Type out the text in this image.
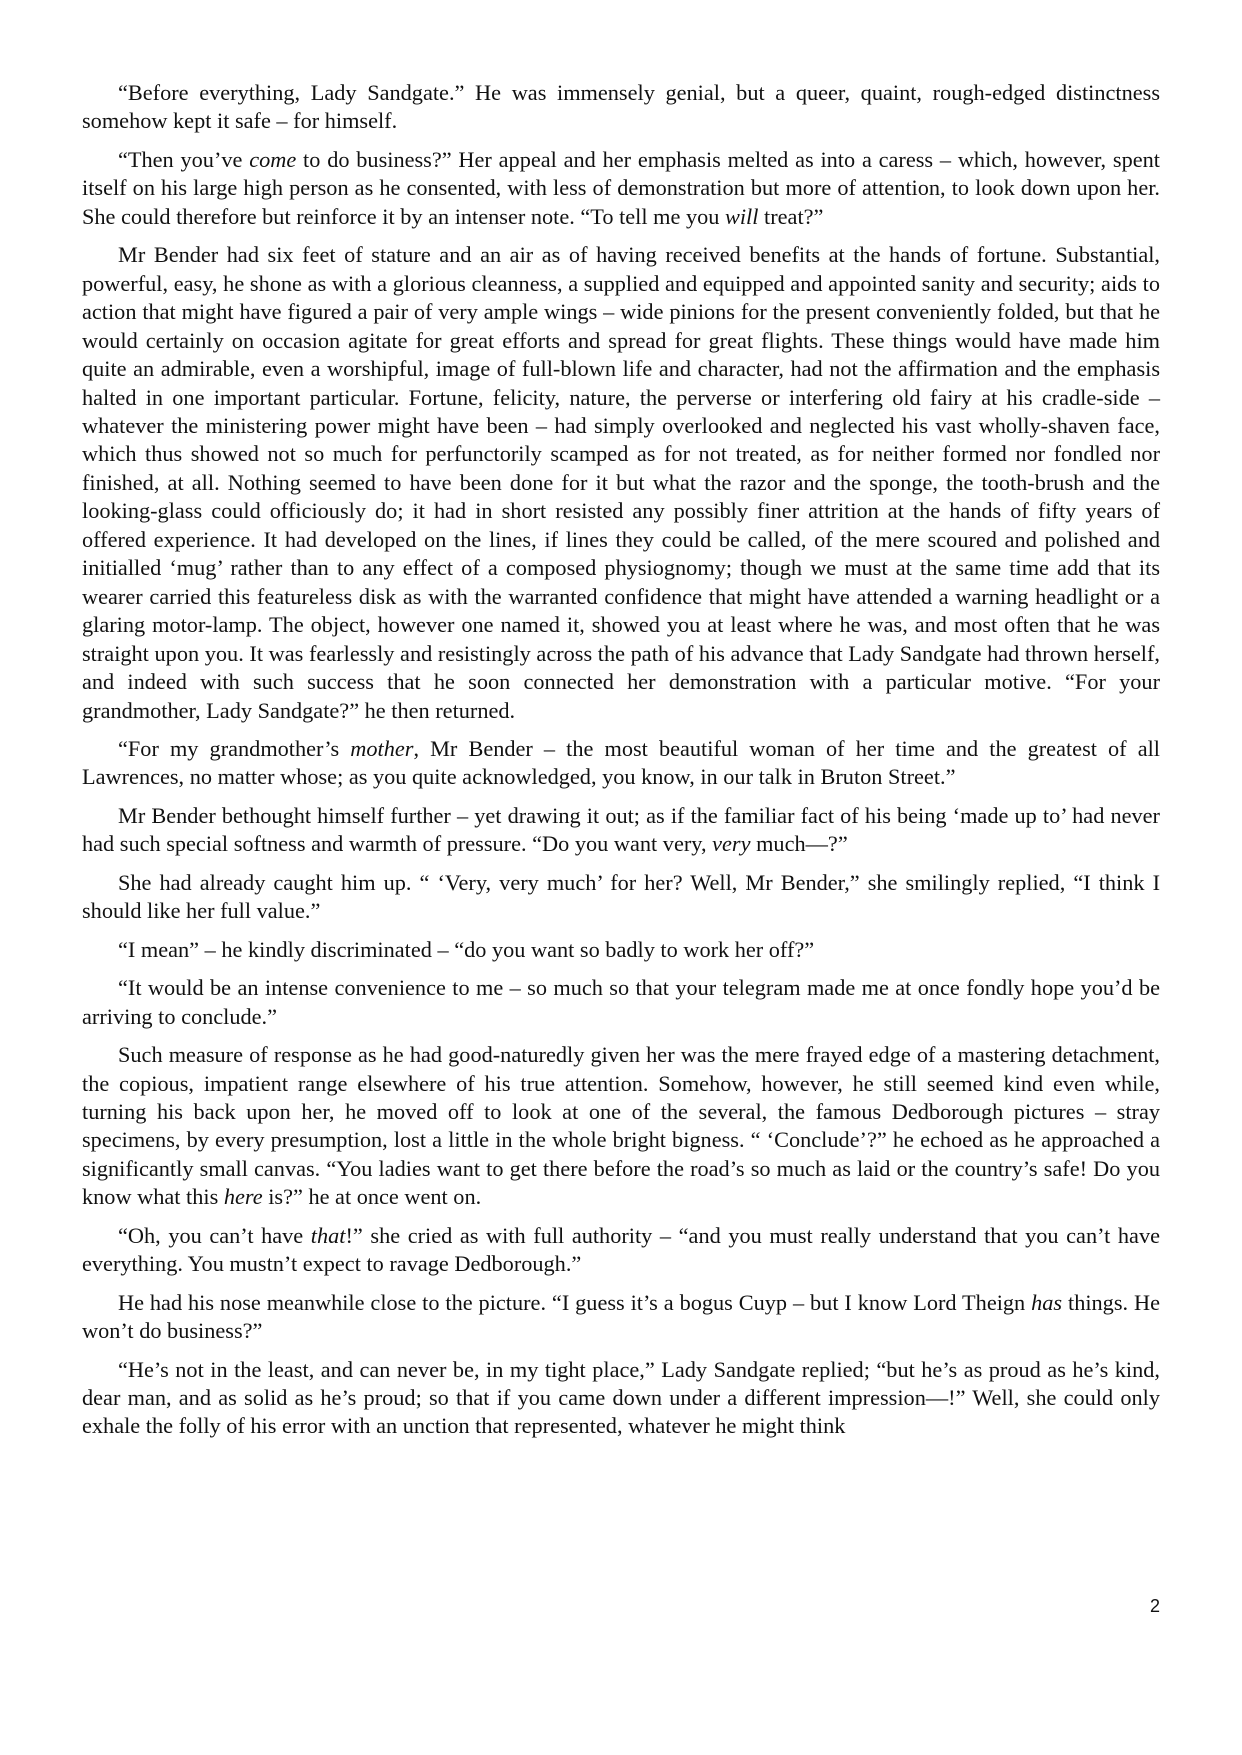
“Before everything, Lady Sandgate.” He was immensely genial, but a queer, quaint, rough-edged distinctness somehow kept it safe – for himself.

“Then you’ve come to do business?” Her appeal and her emphasis melted as into a caress – which, however, spent itself on his large high person as he consented, with less of demonstration but more of attention, to look down upon her. She could therefore but reinforce it by an intenser note. “To tell me you will treat?”

Mr Bender had six feet of stature and an air as of having received benefits at the hands of fortune. Substantial, powerful, easy, he shone as with a glorious cleanness, a supplied and equipped and appointed sanity and security; aids to action that might have figured a pair of very ample wings – wide pinions for the present conveniently folded, but that he would certainly on occasion agitate for great efforts and spread for great flights. These things would have made him quite an admirable, even a worshipful, image of full-blown life and character, had not the affirmation and the emphasis halted in one important particular. Fortune, felicity, nature, the perverse or interfering old fairy at his cradle-side – whatever the ministering power might have been – had simply overlooked and neglected his vast wholly-shaven face, which thus showed not so much for perfunctorily scamped as for not treated, as for neither formed nor fondled nor finished, at all. Nothing seemed to have been done for it but what the razor and the sponge, the tooth-brush and the looking-glass could officiously do; it had in short resisted any possibly finer attrition at the hands of fifty years of offered experience. It had developed on the lines, if lines they could be called, of the mere scoured and polished and initialled ‘mug’ rather than to any effect of a composed physiognomy; though we must at the same time add that its wearer carried this featureless disk as with the warranted confidence that might have attended a warning headlight or a glaring motor-lamp. The object, however one named it, showed you at least where he was, and most often that he was straight upon you. It was fearlessly and resistingly across the path of his advance that Lady Sandgate had thrown herself, and indeed with such success that he soon connected her demonstration with a particular motive. “For your grandmother, Lady Sandgate?” he then returned.

“For my grandmother’s mother, Mr Bender – the most beautiful woman of her time and the greatest of all Lawrences, no matter whose; as you quite acknowledged, you know, in our talk in Bruton Street.”

Mr Bender bethought himself further – yet drawing it out; as if the familiar fact of his being ‘made up to’ had never had such special softness and warmth of pressure. “Do you want very, very much—?”

She had already caught him up. “ ‘Very, very much’ for her? Well, Mr Bender,” she smilingly replied, “I think I should like her full value.”

“I mean” – he kindly discriminated – “do you want so badly to work her off?”

“It would be an intense convenience to me – so much so that your telegram made me at once fondly hope you’d be arriving to conclude.”

Such measure of response as he had good-naturedly given her was the mere frayed edge of a mastering detachment, the copious, impatient range elsewhere of his true attention. Somehow, however, he still seemed kind even while, turning his back upon her, he moved off to look at one of the several, the famous Dedborough pictures – stray specimens, by every presumption, lost a little in the whole bright bigness. “ ‘Conclude’?” he echoed as he approached a significantly small canvas. “You ladies want to get there before the road’s so much as laid or the country’s safe! Do you know what this here is?” he at once went on.

“Oh, you can’t have that!” she cried as with full authority – “and you must really understand that you can’t have everything. You mustn’t expect to ravage Dedborough.”

He had his nose meanwhile close to the picture. “I guess it’s a bogus Cuyp – but I know Lord Theign has things. He won’t do business?”

“He’s not in the least, and can never be, in my tight place,” Lady Sandgate replied; “but he’s as proud as he’s kind, dear man, and as solid as he’s proud; so that if you came down under a different impression—!” Well, she could only exhale the folly of his error with an unction that represented, whatever he might think

2
